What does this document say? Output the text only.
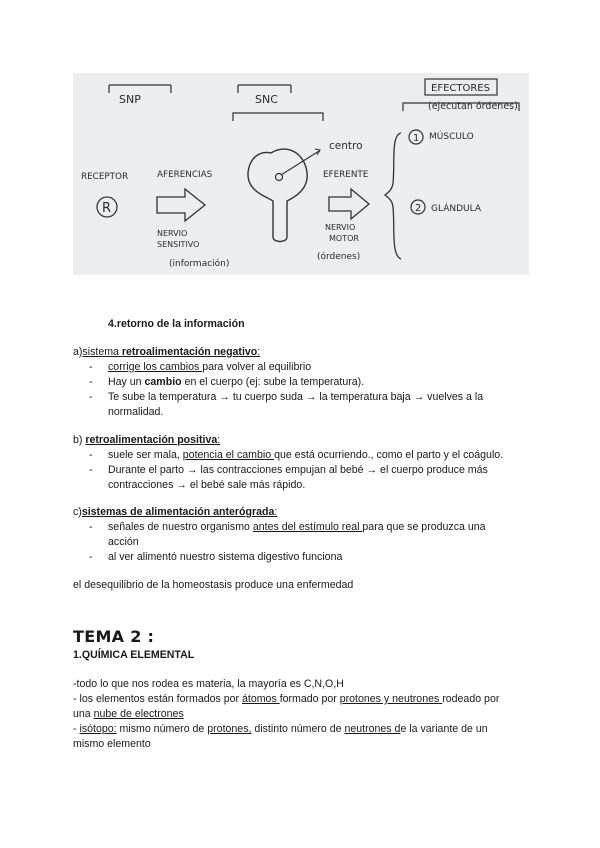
SNP	SNC
EFECTORES
(ejecutan órdenes)
centro
RECEPTOR
R
AFERENCIAS
NERVIO
SENSITIVO
(información)
EFERENTE
NERVIO
MOTOR
(órdenes)
1 MÚSCULO
2 GLÁNDULA
4.retorno de la información
a)sistema retroalimentación negativo:
- corrige los cambios para volver al equilibrio
- Hay un cambio en el cuerpo (ej: sube la temperatura).
- Te sube la temperatura → tu cuerpo suda → la temperatura baja → vuelves a la
normalidad.
b) retroalimentación positiva:
- suele ser mala, potencia el cambio que está ocurriendo., como el parto y el coágulo.
- Durante el parto → las contracciones empujan al bebé → el cuerpo produce más
contracciones → el bebé sale más rápido.
c)sistemas de alimentación anterógrada:
- señales de nuestro organismo antes del estímulo real para que se produzca una
acción
- al ver alimentó nuestro sistema digestivo funciona
el desequilibrio de la homeostasis produce una enfermedad
TEMA 2 :
1.QUÍMICA ELEMENTAL
-todo lo que nos rodea es materia, la mayoría es C,N,O,H
- los elementos están formados por átomos formado por protones y neutrones rodeado por
una nube de electrones
- isótopo: mismo número de protones, distinto número de neutrones de la variante de un
mismo elemento
